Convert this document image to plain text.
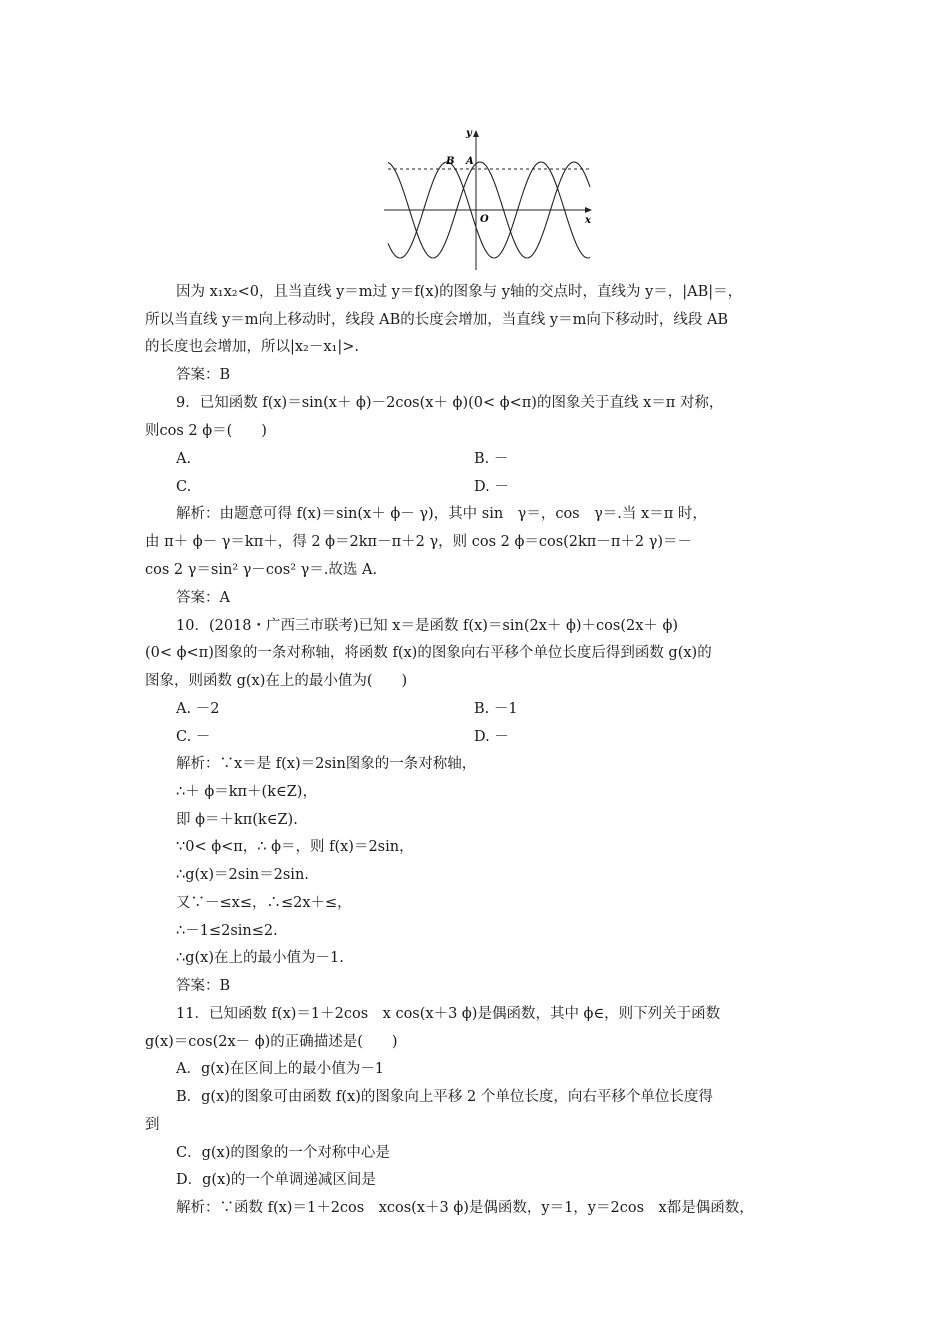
y
x
O
A
B
因为 x₁x₂<0，且当直线 y＝m过 y＝f(x)的图象与 y轴的交点时，直线为 y＝，|AB|＝，
所以当直线 y＝m向上移动时，线段 AB的长度会增加，当直线 y＝m向下移动时，线段 AB
的长度也会增加，所以|x₂－x₁|>.
答案：B
9．已知函数 f(x)＝sin(x＋ ϕ)－2cos(x＋ ϕ)(0< ϕ<π)的图象关于直线 x＝π 对称，
则cos 2 ϕ＝(　　)
A.	B. －
C.	D. －
解析：由题意可得 f(x)＝sin(x＋ ϕ－ γ)，其中 sin　γ＝，cos　γ＝.当 x＝π 时，
由 π＋ ϕ－ γ＝kπ＋，得 2 ϕ＝2kπ－π＋2 γ，则 cos 2 ϕ＝cos(2kπ－π＋2 γ)＝－
cos 2 γ＝sin² γ－cos² γ＝.故选 A.
答案：A
10．(2018・广西三市联考)已知 x＝是函数 f(x)＝sin(2x＋ ϕ)＋cos(2x＋ ϕ)
(0< ϕ<π)图象的一条对称轴，将函数 f(x)的图象向右平移个单位长度后得到函数 g(x)的
图象，则函数 g(x)在上的最小值为(　　)
A. －2	B. －1
C. －	D. －
解析：∵x＝是 f(x)＝2sin图象的一条对称轴，
∴＋ ϕ＝kπ＋(k∈Z)，
即 ϕ＝＋kπ(k∈Z).
∵0< ϕ<π，∴ ϕ＝，则 f(x)＝2sin，
∴g(x)＝2sin＝2sin.
又∵－≤x≤，∴≤2x＋≤，
∴－1≤2sin≤2.
∴g(x)在上的最小值为－1.
答案：B
11．已知函数 f(x)＝1＋2cos　x cos(x＋3 ϕ)是偶函数，其中 ϕ∈，则下列关于函数
g(x)＝cos(2x－ ϕ)的正确描述是(　　)
A．g(x)在区间上的最小值为－1
B．g(x)的图象可由函数 f(x)的图象向上平移 2 个单位长度，向右平移个单位长度得
到
C．g(x)的图象的一个对称中心是
D．g(x)的一个单调递减区间是
解析：∵函数 f(x)＝1＋2cos　xcos(x＋3 ϕ)是偶函数，y＝1，y＝2cos　x都是偶函数，
